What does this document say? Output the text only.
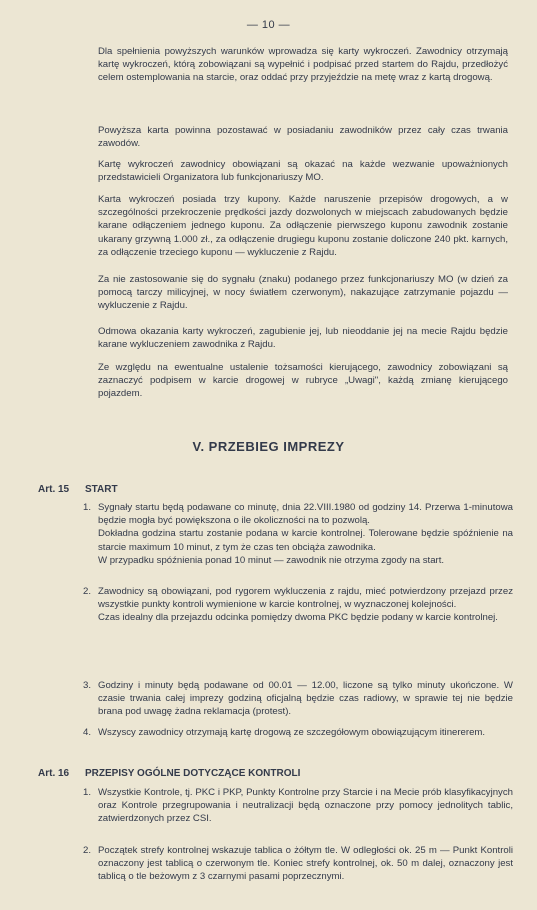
— 10 —

Dla spełnienia powyższych warunków wprowadza się karty wykroczeń. Zawodnicy otrzymają kartę wykroczeń, którą zobowiązani są wypełnić i podpisać przed startem do Rajdu, przedłożyć celem ostemplowania na starcie, oraz oddać przy przyjeździe na metę wraz z kartą drogową.

Powyższa karta powinna pozostawać w posiadaniu zawodników przez cały czas trwania zawodów.

Kartę wykroczeń zawodnicy obowiązani są okazać na każde wezwanie upoważnionych przedstawicieli Organizatora lub funkcjonariuszy MO.

Karta wykroczeń posiada trzy kupony. Każde naruszenie przepisów drogowych, a w szczególności przekroczenie prędkości jazdy dozwolonych w miejscach zabudowanych będzie karane odłączeniem jednego kuponu. Za odłączenie pierwszego kuponu zawodnik zostanie ukarany grzywną 1.000 zł., za odłączenie drugiegu kuponu zostanie doliczone 240 pkt. karnych, za odłączenie trzeciego kuponu — wykluczenie z Rajdu.

Za nie zastosowanie się do sygnału (znaku) podanego przez funkcjonariuszy MO (w dzień za pomocą tarczy milicyjnej, w nocy światłem czerwonym), nakazujące zatrzymanie pojazdu — wykluczenie z Rajdu.

Odmowa okazania karty wykroczeń, zagubienie jej, lub nieoddanie jej na mecie Rajdu będzie karane wykluczeniem zawodnika z Rajdu.

Ze względu na ewentualne ustalenie tożsamości kierującego, zawodnicy zobowiązani są zaznaczyć podpisem w karcie drogowej w rubryce „Uwagi", każdą zmianę kierującego pojazdem.

V. PRZEBIEG IMPREZY
Art. 15 START
1. Sygnały startu będą podawane co minutę, dnia 22.VIII.1980 od godziny 14. Przerwa 1-minutowa będzie mogła być powiększona o ile okoliczności na to pozwolą.

Dokładna godzina startu zostanie podana w karcie kontrolnej. Tolerowane będzie spóźnienie na starcie maximum 10 minut, z tym że czas ten obciąża zawodnika.

W przypadku spóźnienia ponad 10 minut — zawodnik nie otrzyma zgody na start.

2. Zawodnicy są obowiązani, pod rygorem wykluczenia z rajdu, mieć potwierdzony przejazd przez wszystkie punkty kontroli wymienione w karcie kontrolnej, w wyznaczonej kolejności.

Czas idealny dla przejazdu odcinka pomiędzy dwoma PKC będzie podany w karcie kontrolnej.

3. Godziny i minuty będą podawane od 00.01 — 12.00, liczone są tylko minuty ukończone. W czasie trwania całej imprezy godziną oficjalną będzie czas radiowy, w sprawie tej nie będzie brana pod uwagę żadna reklamacja (protest).

4. Wszyscy zawodnicy otrzymają kartę drogową ze szczegółowym obowiązującym itinererem.

Art. 16 PRZEPISY OGÓLNE DOTYCZĄCE KONTROLI
1. Wszystkie Kontrole, tj. PKC i PKP, Punkty Kontrolne przy Starcie i na Mecie prób klasyfikacyjnych oraz Kontrole przegrupowania i neutralizacji będą oznaczone przy pomocy jednolitych tablic, zatwierdzonych przez CSI.

2. Początek strefy kontrolnej wskazuje tablica o żółtym tle. W odległości ok. 25 m — Punkt Kontroli oznaczony jest tablicą o czerwonym tle. Koniec strefy kontrolnej, ok. 50 m dalej, oznaczony jest tablicą o tle beżowym z 3 czarnymi pasami poprzecznymi.
